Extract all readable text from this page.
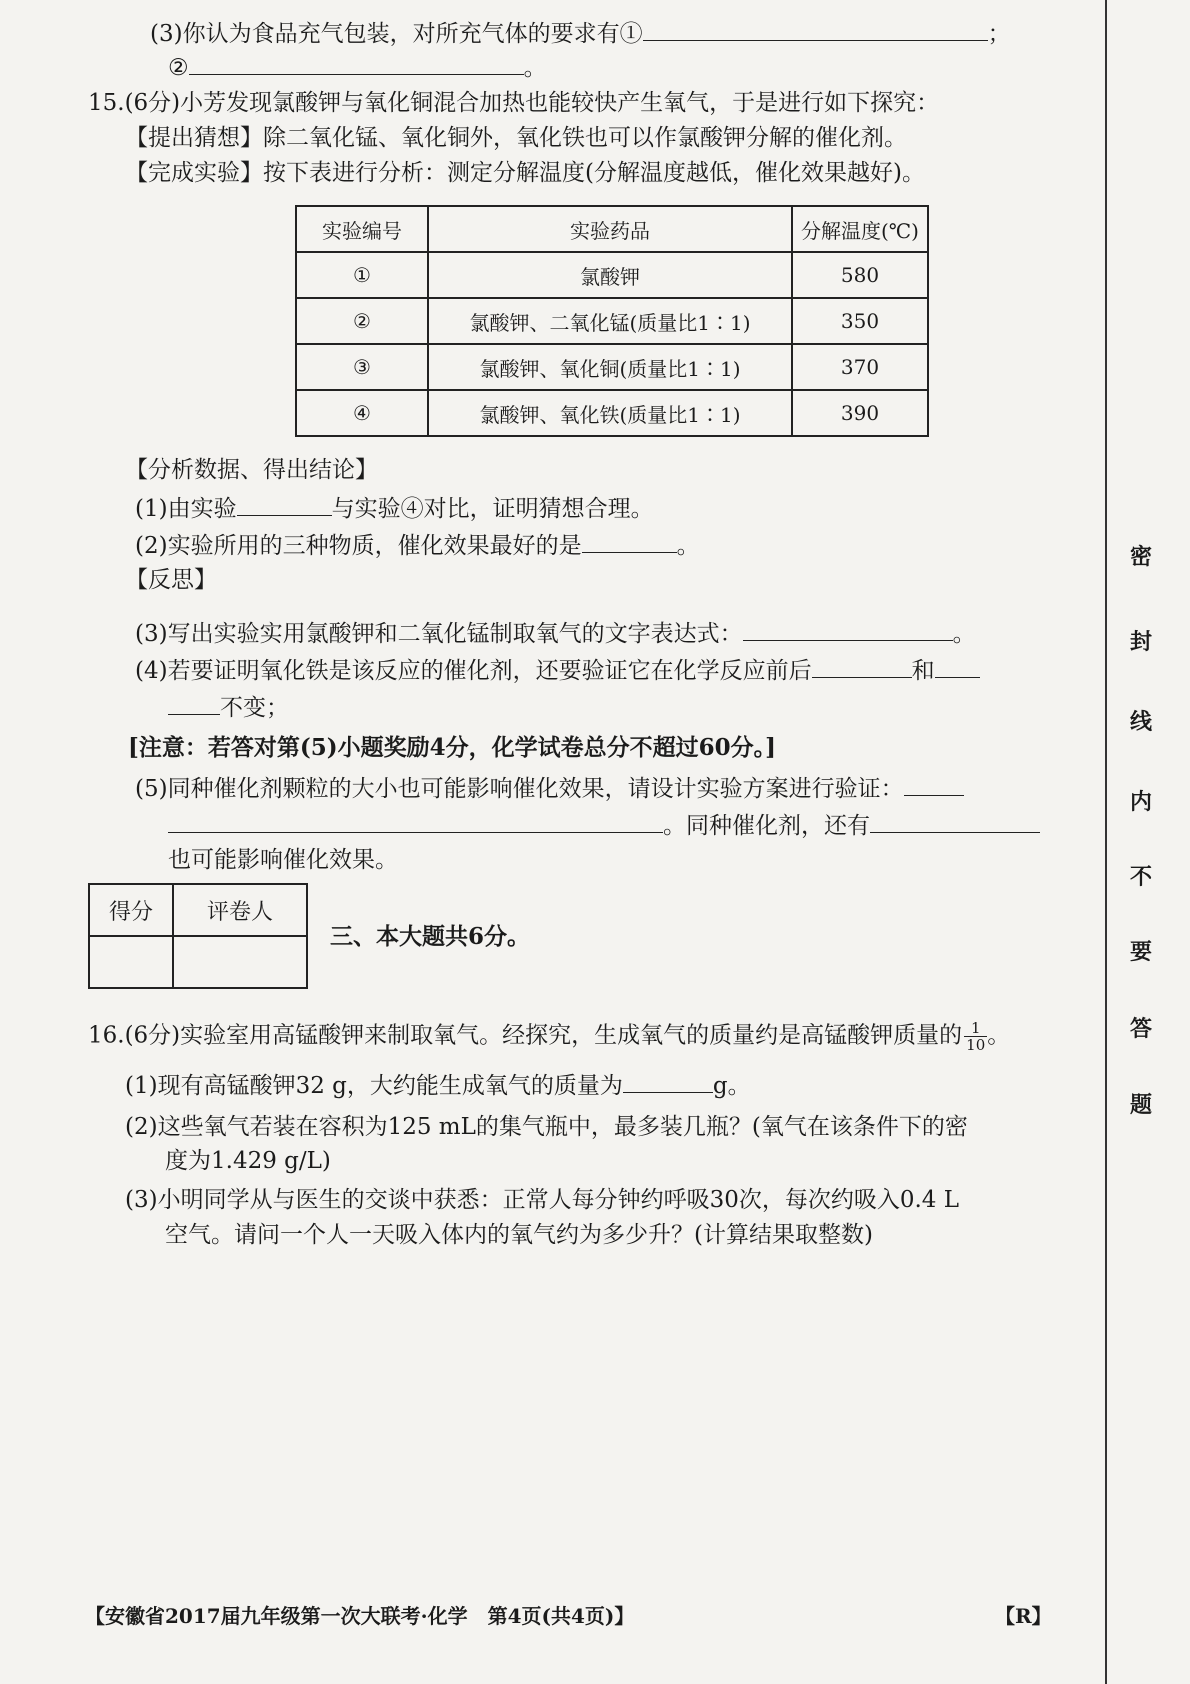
(3)你认为食品充气包装，对所充气体的要求有①	；
②	。
15.(6分)小芳发现氯酸钾与氧化铜混合加热也能较快产生氧气，于是进行如下探究：
【提出猜想】除二氧化锰、氧化铜外，氧化铁也可以作氯酸钾分解的催化剂。
【完成实验】按下表进行分析：测定分解温度(分解温度越低，催化效果越好)。
实验编号	实验药品	分解温度(℃)
①	氯酸钾	580
②	氯酸钾、二氧化锰(质量比1∶1)	350
③	氯酸钾、氧化铜(质量比1∶1)	370
④	氯酸钾、氧化铁(质量比1∶1)	390
【分析数据、得出结论】
(1)由实验	与实验④对比，证明猜想合理。
(2)实验所用的三种物质，催化效果最好的是	。
【反思】
(3)写出实验实用氯酸钾和二氧化锰制取氧气的文字表达式：	。
(4)若要证明氧化铁是该反应的催化剂，还要验证它在化学反应前后	和
不变；
[注意：若答对第(5)小题奖励4分，化学试卷总分不超过60分。]
(5)同种催化剂颗粒的大小也可能影响催化效果，请设计实验方案进行验证：
。同种催化剂，还有
也可能影响催化效果。
得分	评卷人

三、本大题共6分。
16.(6分)实验室用高锰酸钾来制取氧气。经探究，生成氧气的质量约是高锰酸钾质量的 $\frac{1}{10}$ 。
(1)现有高锰酸钾32 g，大约能生成氧气的质量为	g。
(2)这些氧气若装在容积为125 mL的集气瓶中，最多装几瓶？(氧气在该条件下的密
度为1.429 g/L)
(3)小明同学从与医生的交谈中获悉：正常人每分钟约呼吸30次，每次约吸入0.4 L
空气。请问一个人一天吸入体内的氧气约为多少升？(计算结果取整数)
密
封
线
内
不
要
答
题
【安徽省2017届九年级第一次大联考·化学　第4页(共4页)】	【R】
